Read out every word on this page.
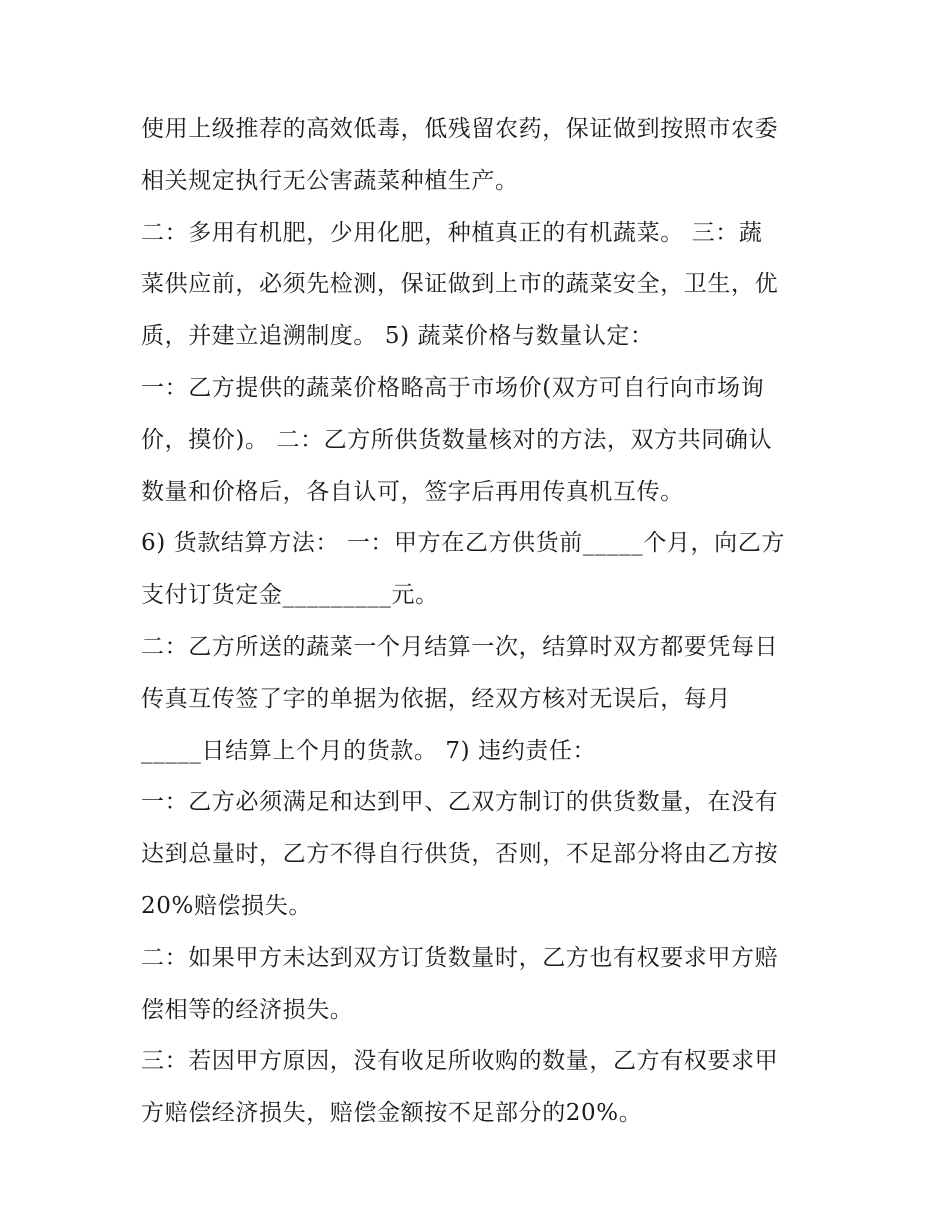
使用上级推荐的高效低毒，低残留农药，保证做到按照市农委
相关规定执行无公害蔬菜种植生产。
二：多用有机肥，少用化肥，种植真正的有机蔬菜。 三：蔬
菜供应前，必须先检测，保证做到上市的蔬菜安全，卫生，优
质，并建立追溯制度。 5) 蔬菜价格与数量认定：
一：乙方提供的蔬菜价格略高于市场价(双方可自行向市场询
价，摸价)。 二：乙方所供货数量核对的方法，双方共同确认
数量和价格后，各自认可，签字后再用传真机互传。
6) 货款结算方法： 一：甲方在乙方供货前_____个月，向乙方
支付订货定金_________元。
二：乙方所送的蔬菜一个月结算一次，结算时双方都要凭每日
传真互传签了字的单据为依据，经双方核对无误后，每月
_____日结算上个月的货款。 7) 违约责任：
一：乙方必须满足和达到甲、乙双方制订的供货数量，在没有
达到总量时，乙方不得自行供货，否则，不足部分将由乙方按
20%赔偿损失。
二：如果甲方未达到双方订货数量时，乙方也有权要求甲方赔
偿相等的经济损失。
三：若因甲方原因，没有收足所收购的数量，乙方有权要求甲
方赔偿经济损失，赔偿金额按不足部分的20%。
